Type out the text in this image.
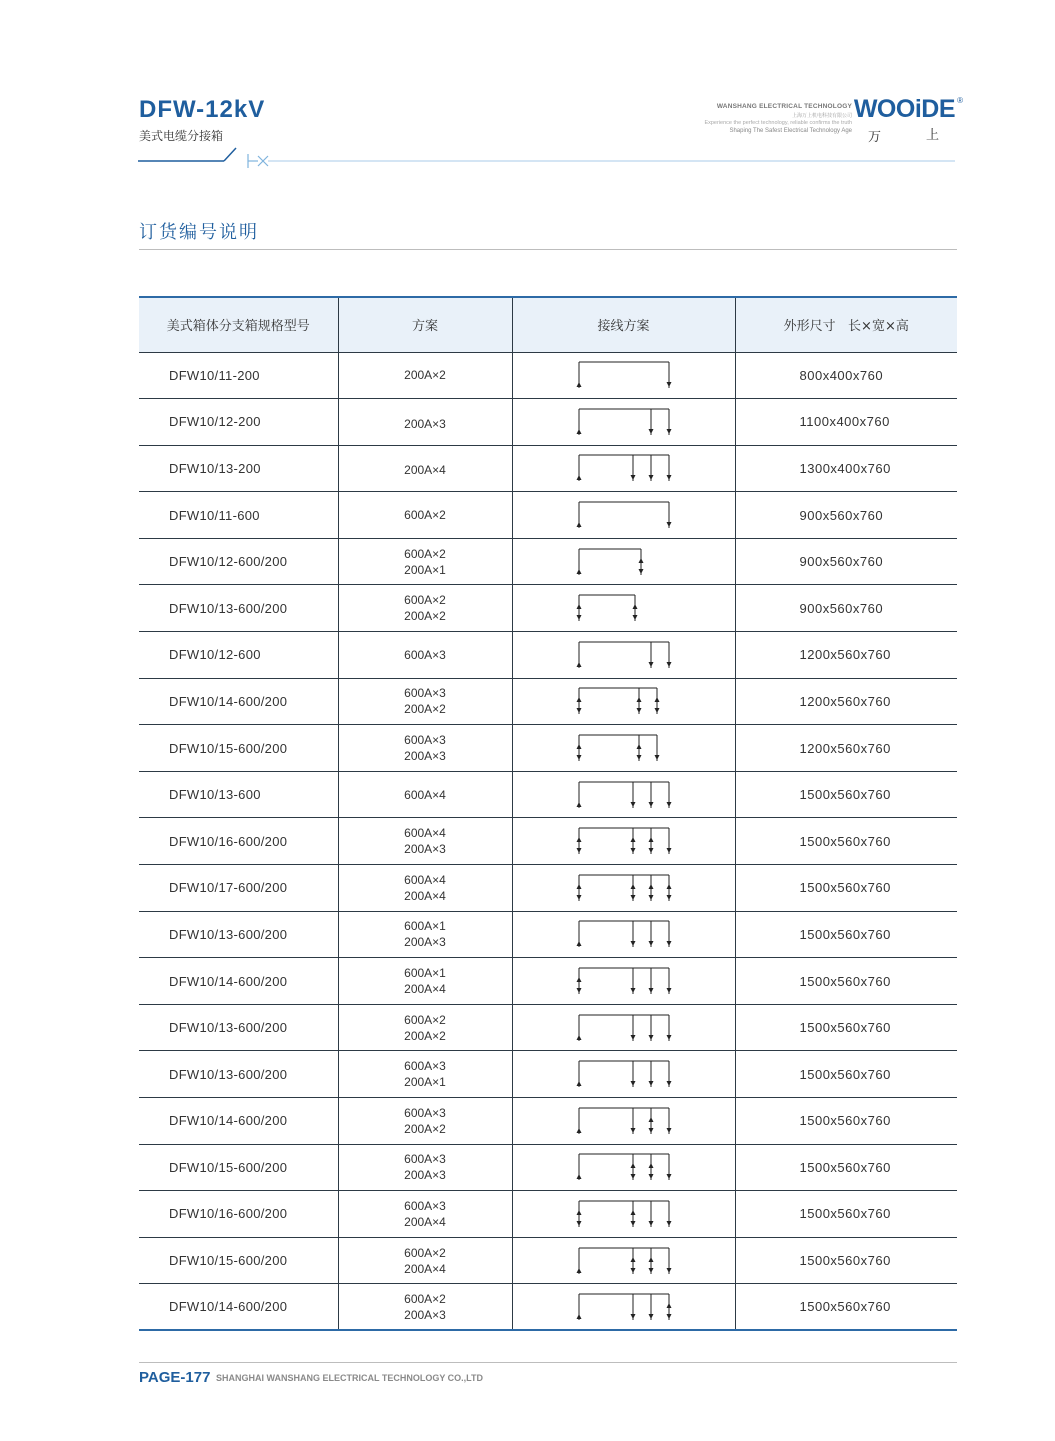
DFW-12kV
美式电缆分接箱
WANSHANG ELECTRICAL TECHNOLOGY
上海万上机电科技有限公司
Experience the perfect technology, reliable confirms the truth
Shaping The Safest Electrical Technology Age
WOOiDE ®
万	上
订货编号说明
美式箱体分支箱规格型号	方案	接线方案	外形尺寸   长×宽×高
DFW10/11-200	200A×2		800x400x760
DFW10/12-200	200A×3		1100x400x760
DFW10/13-200	200A×4		1300x400x760
DFW10/11-600	600A×2		900x560x760
DFW10/12-600/200	600A×2
200A×1		900x560x760
DFW10/13-600/200	600A×2
200A×2		900x560x760
DFW10/12-600	600A×3		1200x560x760
DFW10/14-600/200	600A×3
200A×2		1200x560x760
DFW10/15-600/200	600A×3
200A×3		1200x560x760
DFW10/13-600	600A×4		1500x560x760
DFW10/16-600/200	600A×4
200A×3		1500x560x760
DFW10/17-600/200	600A×4
200A×4		1500x560x760
DFW10/13-600/200	600A×1
200A×3		1500x560x760
DFW10/14-600/200	600A×1
200A×4		1500x560x760
DFW10/13-600/200	600A×2
200A×2		1500x560x760
DFW10/13-600/200	600A×3
200A×1		1500x560x760
DFW10/14-600/200	600A×3
200A×2		1500x560x760
DFW10/15-600/200	600A×3
200A×3		1500x560x760
DFW10/16-600/200	600A×3
200A×4		1500x560x760
DFW10/15-600/200	600A×2
200A×4		1500x560x760
DFW10/14-600/200	600A×2
200A×3		1500x560x760
PAGE-177 SHANGHAI WANSHANG ELECTRICAL TECHNOLOGY CO.,LTD
